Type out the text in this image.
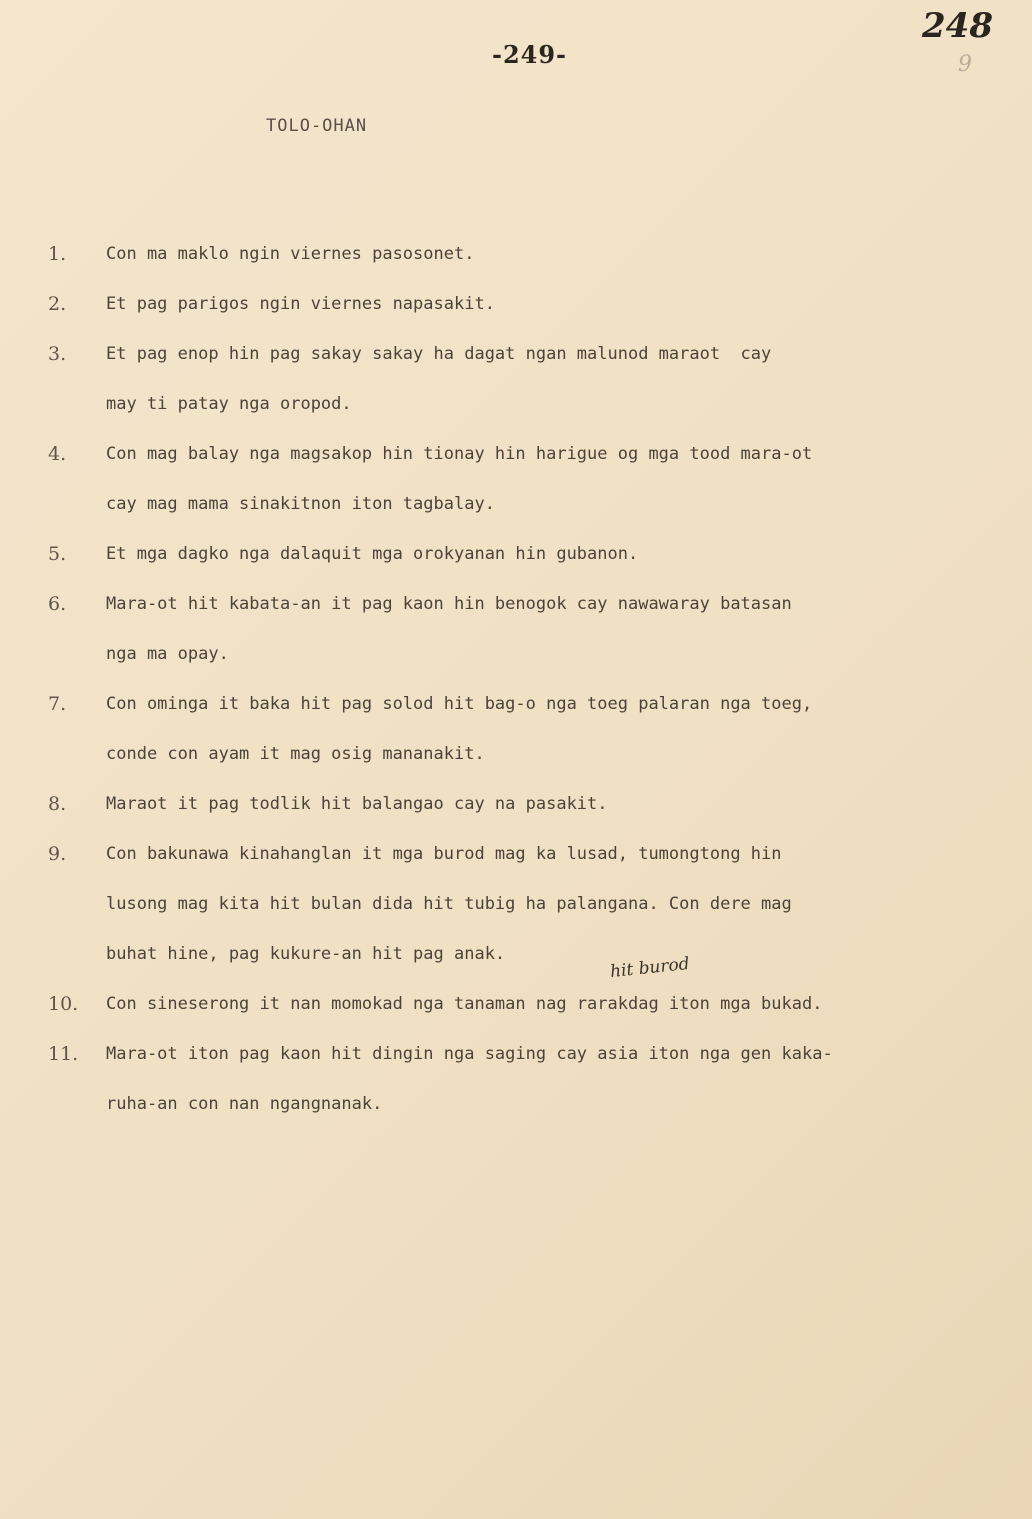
248
9
-249-
TOLO-OHAN
1.	Con ma maklo ngin viernes pasosonet.
2.	Et pag parigos ngin viernes napasakit.
3.	Et pag enop hin pag sakay sakay ha dagat ngan malunod maraot  cay
may ti patay nga oropod.
4.	Con mag balay nga magsakop hin tionay hin harigue og mga tood mara-ot
cay mag mama sinakitnon iton tagbalay.
5.	Et mga dagko nga dalaquit mga orokyanan hin gubanon.
6.	Mara-ot hit kabata-an it pag kaon hin benogok cay nawawaray batasan
nga ma opay.
7.	Con ominga it baka hit pag solod hit bag-o nga toeg palaran nga toeg,
conde con ayam it mag osig mananakit.
8.	Maraot it pag todlik hit balangao cay na pasakit.
9.	Con bakunawa kinahanglan it mga burod mag ka lusad, tumongtong hin
lusong mag kita hit bulan dida hit tubig ha palangana. Con dere mag
buhat hine, pag kukure-an hit pag anak.
10.	Con sineserong it nan momokad nga tanaman nag rarakdag iton mga bukad.
11.	Mara-ot iton pag kaon hit dingin nga saging cay asia iton nga gen kaka-
ruha-an con nan ngangnanak.
hit burod
